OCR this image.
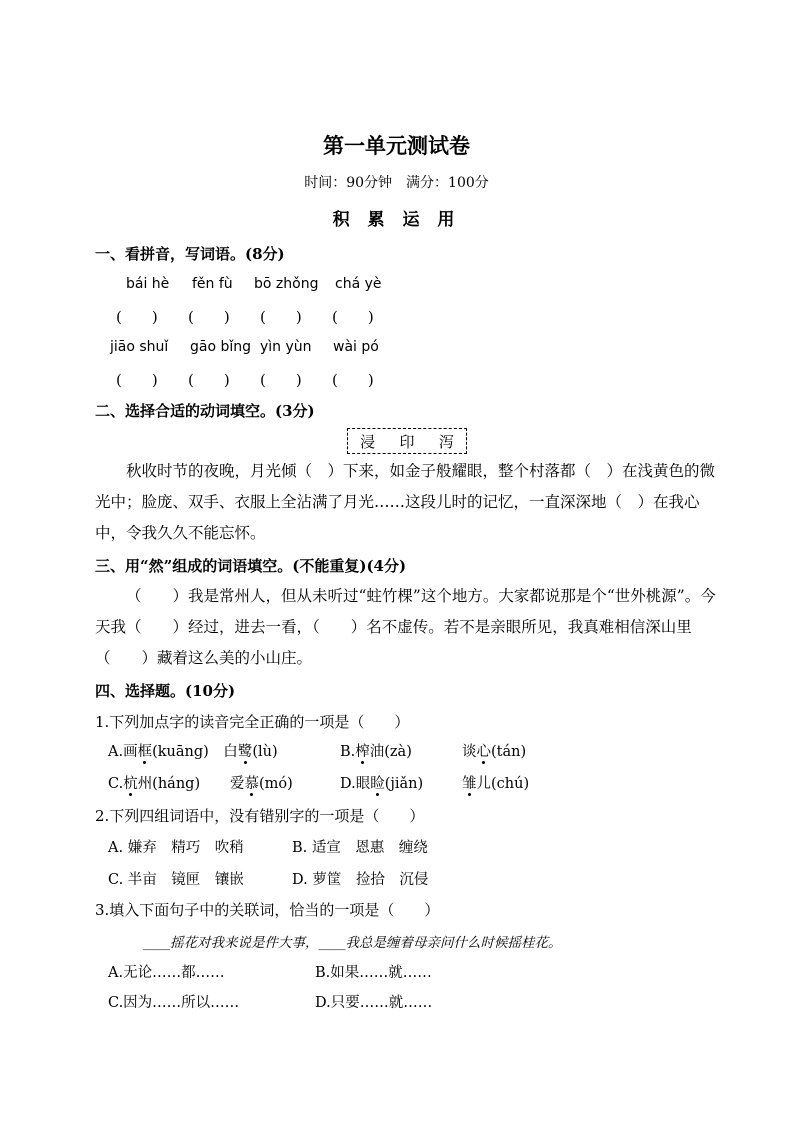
第一单元测试卷
时间：90分钟　满分：100分
积 累 运 用
一、看拼音，写词语。(8分)
bái hè fěn fù bō zhǒng chá yè
(　　) (　　) (　　) (　　)
jiāo shuǐ gāo bǐng yìn yùn wài pó
(　　) (　　) (　　) (　　)
二、选择合适的动词填空。(3分)
浸 印 泻
秋收时节的夜晚，月光倾（　）下来，如金子般耀眼，整个村落都（　）在浅黄色的微光中；脸庞、双手、衣服上全沾满了月光……这段儿时的记忆，一直深深地（　）在我心中，令我久久不能忘怀。
三、用“然”组成的词语填空。(不能重复)(4分)
（　　）我是常州人，但从未听过“蛀竹棵”这个地方。大家都说那是个“世外桃源”。今天我（　　）经过，进去一看，（　　）名不虚传。若不是亲眼所见，我真难相信深山里（　　）藏着这么美的小山庄。
四、选择题。(10分)
1.下列加点字的读音完全正确的一项是（　　）
A.画框(kuāng)　白鹭(lù)	B.榨油(zà)	谈心(tán)
C.杭州(háng) 爱慕(mó)	D.眼睑(jiǎn)	雏儿(chú)
2.下列四组词语中，没有错别字的一项是（　　）
A. 嫌弃　精巧　吹稍	B. 适宣　恩惠　缠绕
C. 半亩　镜匣　镶嵌	D. 萝筐　捡拾　沉侵
3.填入下面句子中的关联词，恰当的一项是（　　）
____摇花对我来说是件大事，____我总是缠着母亲问什么时候摇桂花。
A.无论……都……	B.如果……就……
C.因为……所以……	D.只要……就……
